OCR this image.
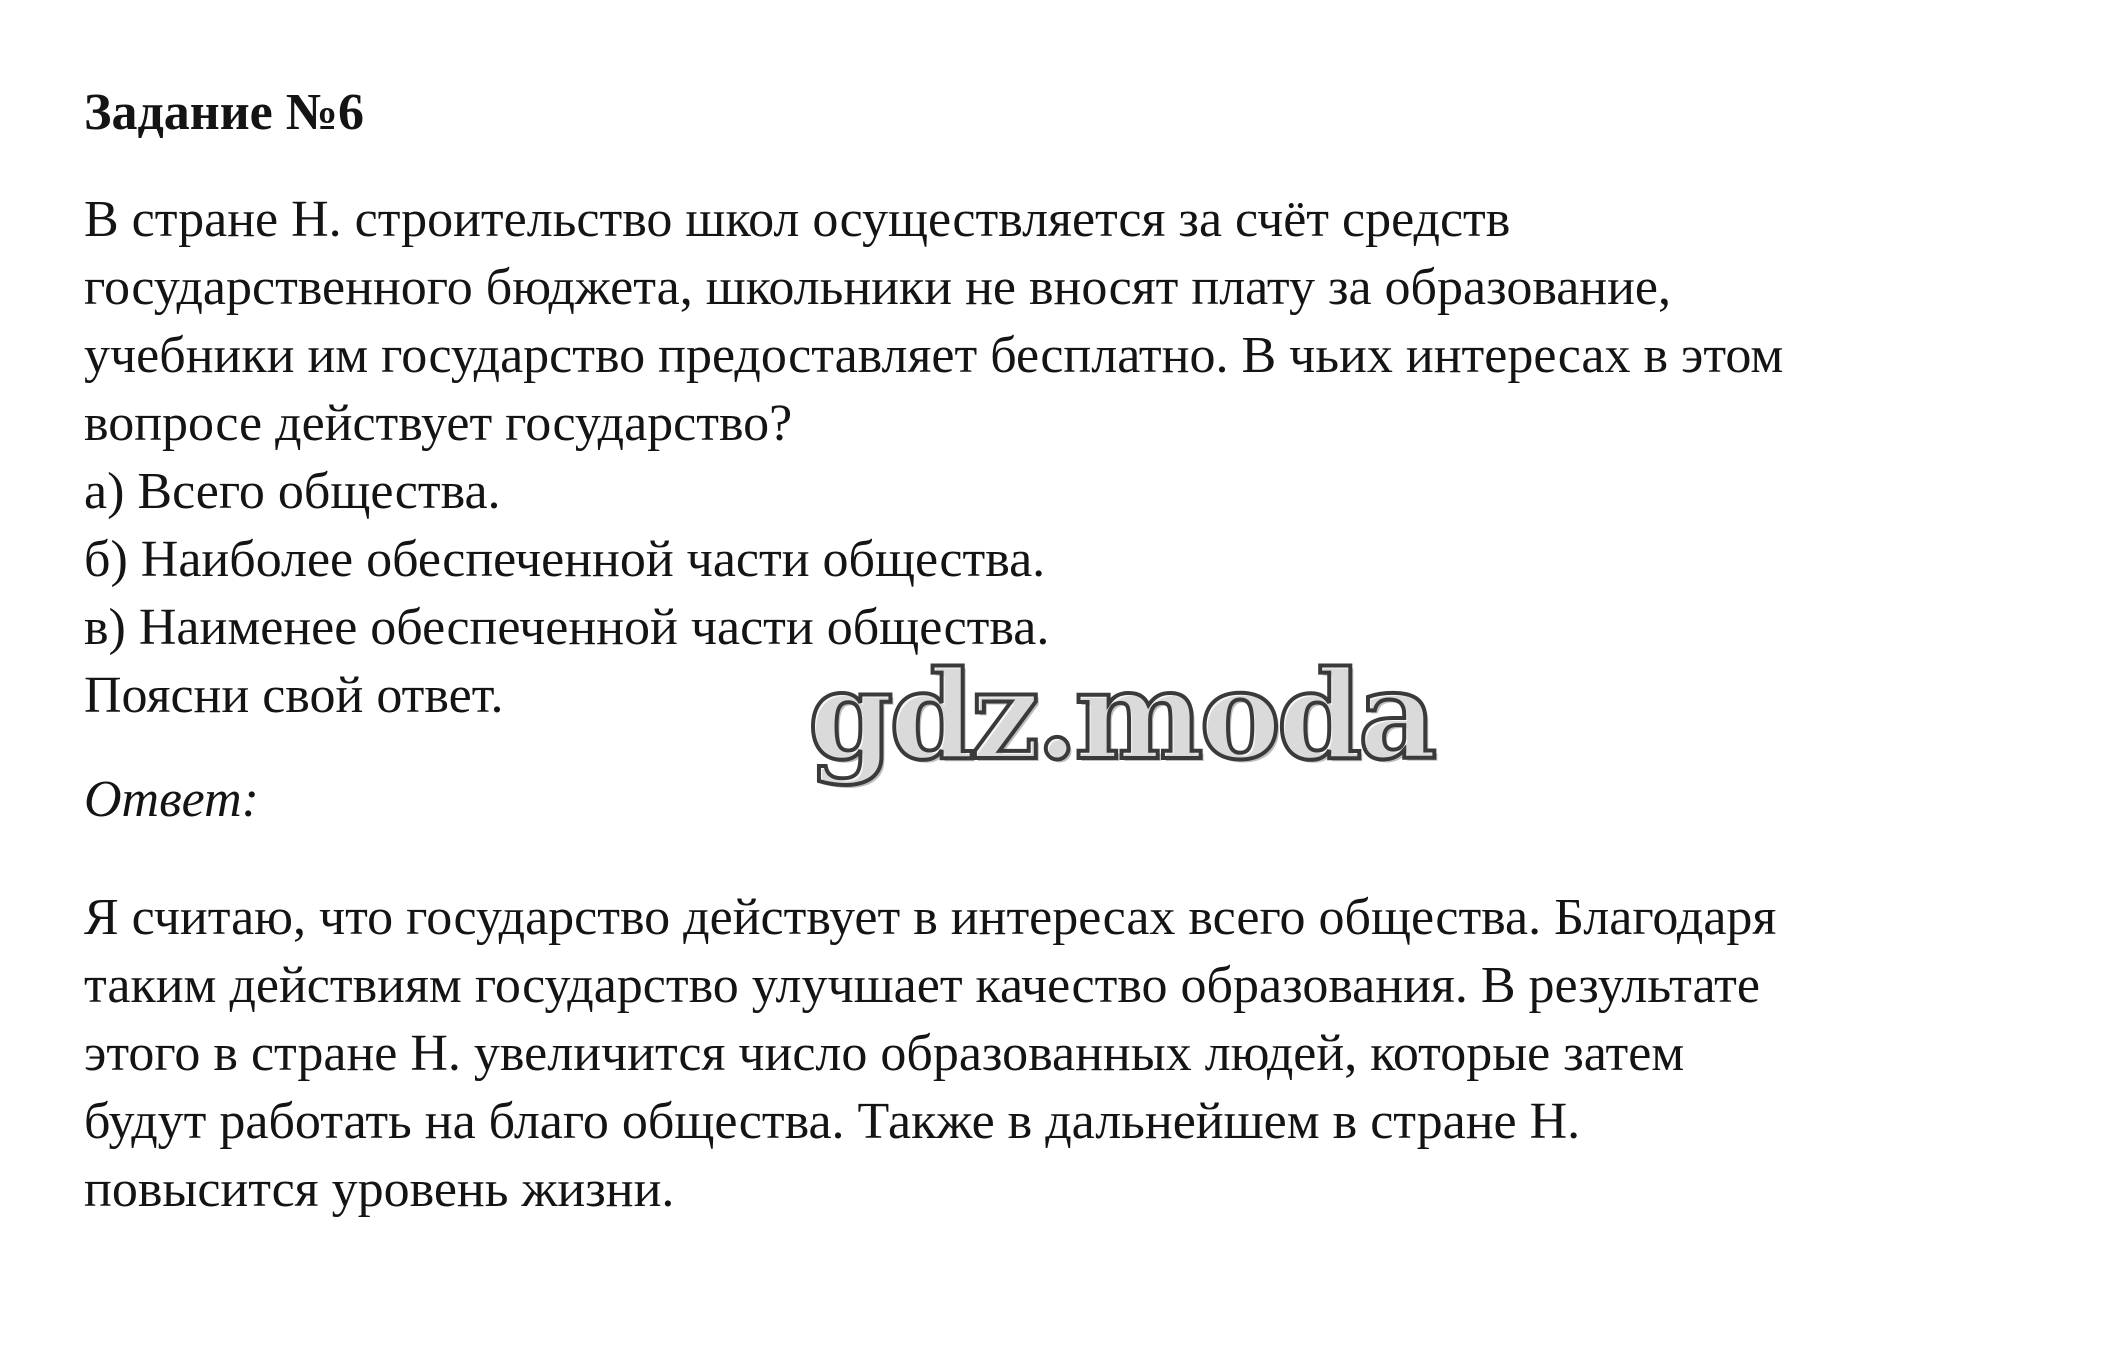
Задание №6

В стране Н. строительство школ осуществляется за счёт средств

государственного бюджета, школьники не вносят плату за образование,

учебники им государство предоставляет бесплатно. В чьих интересах в этом

вопросе действует государство?

а) Всего общества.

б) Наиболее обеспеченной части общества.

в) Наименее обеспеченной части общества.

Поясни свой ответ.

Ответ:

Я считаю, что государство действует в интересах всего общества. Благодаря

таким действиям государство улучшает качество образования. В результате

этого в стране Н. увеличится число образованных людей, которые затем

будут работать на благо общества. Также в дальнейшем в стране Н.

повысится уровень жизни.

gdz.moda
